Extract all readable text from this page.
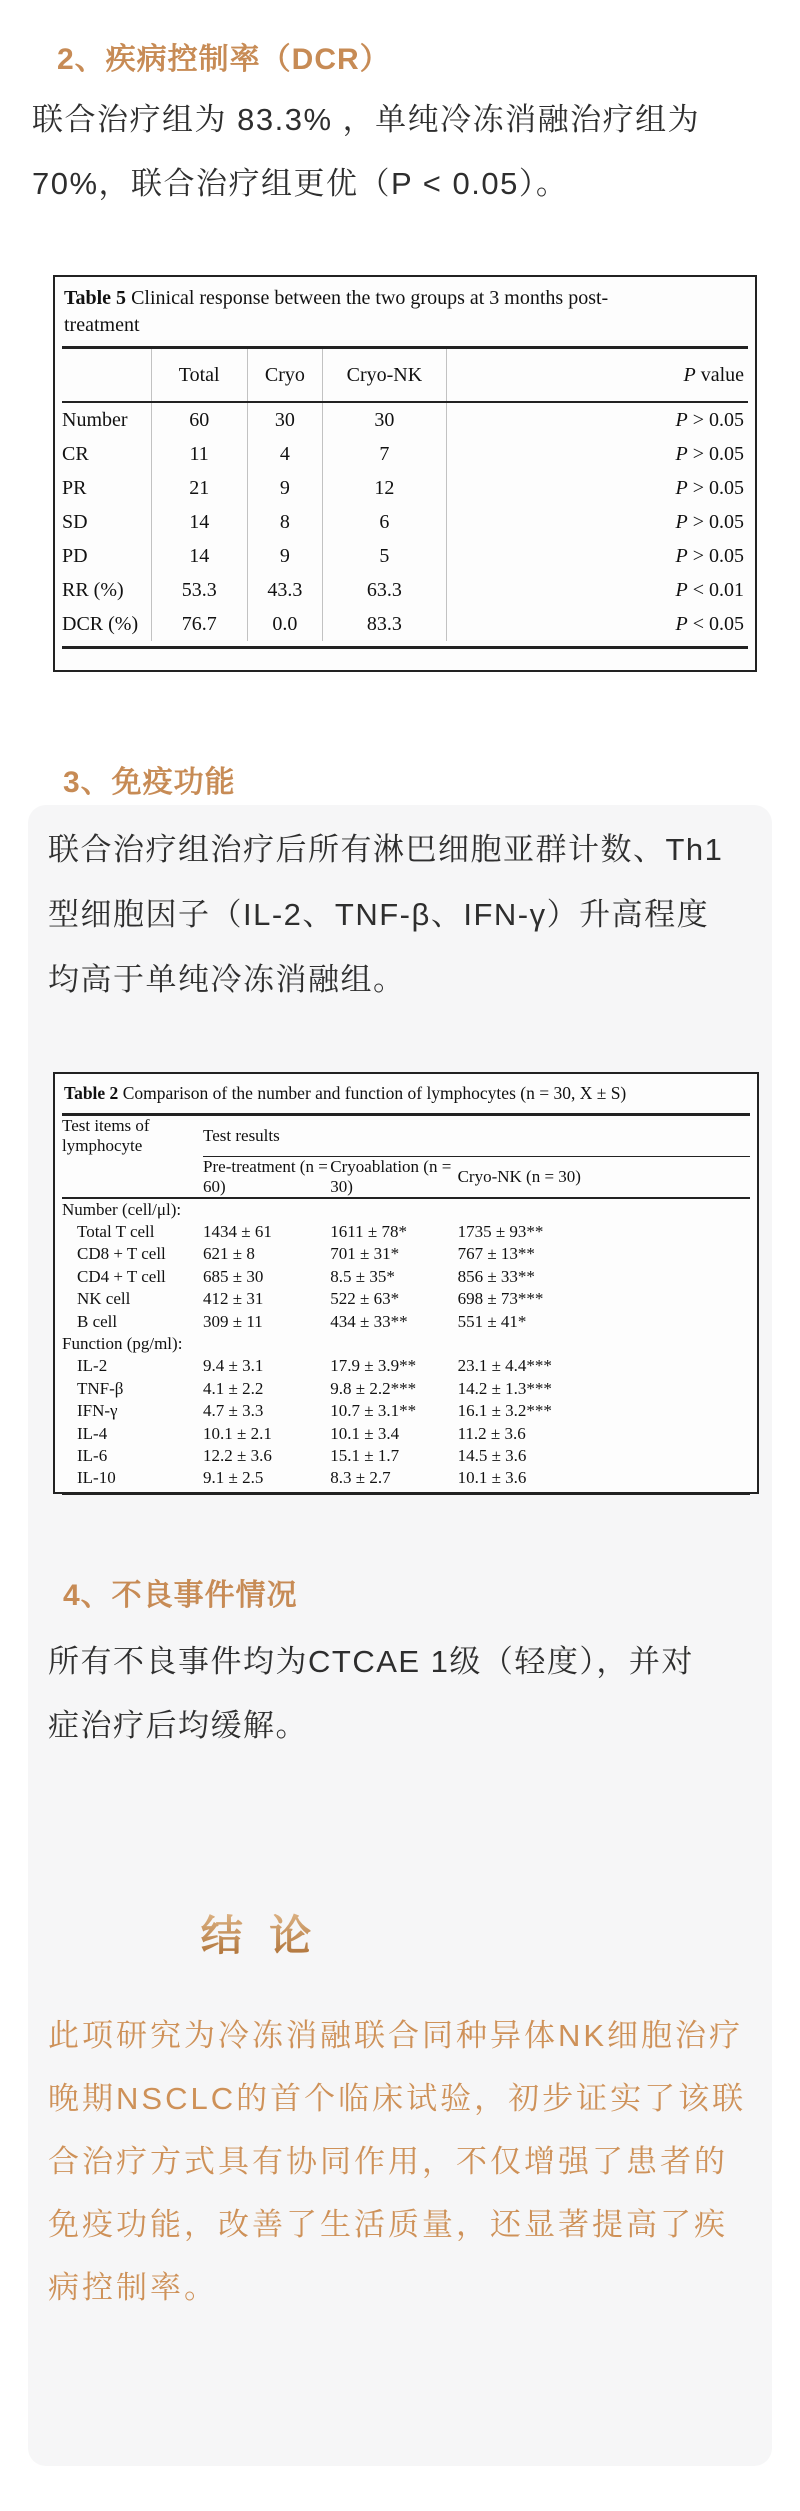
2、疾病控制率（DCR）
联合治疗组为 83.3% ，单纯冷冻消融治疗组为
70%，联合治疗组更优（P < 0.05）。
Table 5 Clinical response between the two groups at 3 months post-
treatment
	Total	Cryo	Cryo-NK	P value
Number	60	30	30	P > 0.05
CR	11	4	7	P > 0.05
PR	21	9	12	P > 0.05
SD	14	8	6	P > 0.05
PD	14	9	5	P > 0.05
RR (%)	53.3	43.3	63.3	P < 0.01
DCR (%)	76.7	0.0	83.3	P < 0.05
3、免疫功能
联合治疗组治疗后所有淋巴细胞亚群计数、Th1
型细胞因子（IL-2、TNF-β、IFN-γ）升高程度
均高于单纯冷冻消融组。
Table 2 Comparison of the number and function of lymphocytes (n = 30, X ± S)
Test items of lymphocyte	Test results		
	Pre-treatment (n = 60)	Cryoablation (n = 30)	Cryo-NK (n = 30)
Number (cell/μl):			
Total T cell	1434 ± 61	1611 ± 78*	1735 ± 93**
CD8 + T cell	621 ± 8	701 ± 31*	767 ± 13**
CD4 + T cell	685 ± 30	8.5 ± 35*	856 ± 33**
NK cell	412 ± 31	522 ± 63*	698 ± 73***
B cell	309 ± 11	434 ± 33**	551 ± 41*
Function (pg/ml):			
IL-2	9.4 ± 3.1	17.9 ± 3.9**	23.1 ± 4.4***
TNF-β	4.1 ± 2.2	9.8 ± 2.2***	14.2 ± 1.3***
IFN-γ	4.7 ± 3.3	10.7 ± 3.1**	16.1 ± 3.2***
IL-4	10.1 ± 2.1	10.1 ± 3.4	11.2 ± 3.6
IL-6	12.2 ± 3.6	15.1 ± 1.7	14.5 ± 3.6
IL-10	9.1 ± 2.5	8.3 ± 2.7	10.1 ± 3.6
4、不良事件情况
所有不良事件均为CTCAE 1级（轻度），并对
症治疗后均缓解。
结 论
此项研究为冷冻消融联合同种异体NK细胞治疗
晚期NSCLC的首个临床试验，初步证实了该联
合治疗方式具有协同作用，不仅增强了患者的
免疫功能，改善了生活质量，还显著提高了疾
病控制率。
